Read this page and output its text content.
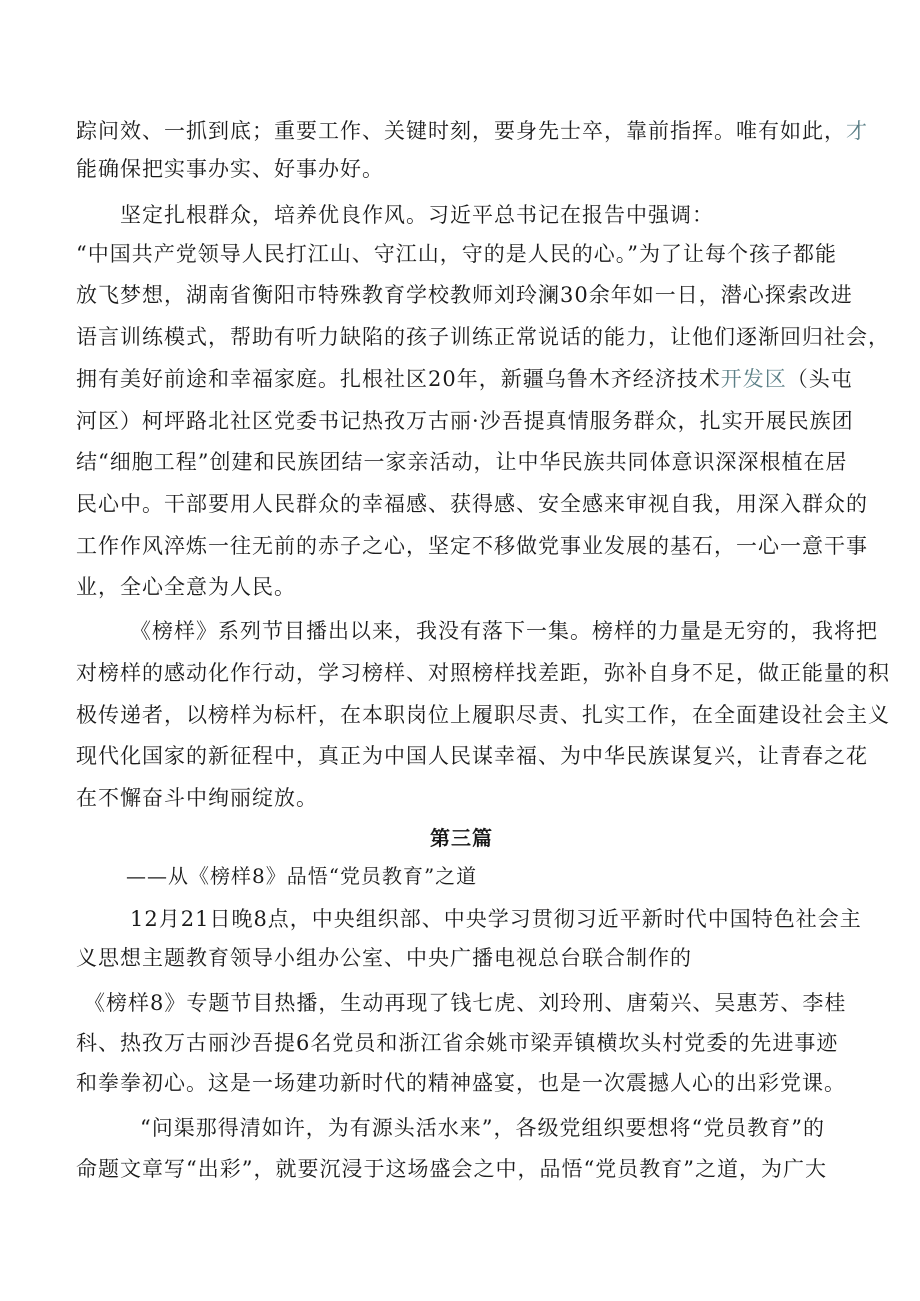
踪问效、一抓到底；重要工作、关键时刻，要身先士卒，靠前指挥。唯有如此，才
能确保把实事办实、好事办好。
坚定扎根群众，培养优良作风。习近平总书记在报告中强调：
“中国共产党领导人民打江山、守江山，守的是人民的心。”为了让每个孩子都能
放飞梦想，湖南省衡阳市特殊教育学校教师刘玲澜30余年如一日，潜心探索改进
语言训练模式，帮助有听力缺陷的孩子训练正常说话的能力，让他们逐渐回归社会，
拥有美好前途和幸福家庭。扎根社区20年，新疆乌鲁木齐经济技术开发区（头屯
河区）柯坪路北社区党委书记热孜万古丽·沙吾提真情服务群众，扎实开展民族团
结“细胞工程”创建和民族团结一家亲活动，让中华民族共同体意识深深根植在居
民心中。干部要用人民群众的幸福感、获得感、安全感来审视自我，用深入群众的
工作作风淬炼一往无前的赤子之心，坚定不移做党事业发展的基石，一心一意干事
业，全心全意为人民。
《榜样》系列节目播出以来，我没有落下一集。榜样的力量是无穷的，我将把
对榜样的感动化作行动，学习榜样、对照榜样找差距，弥补自身不足，做正能量的积
极传递者，以榜样为标杆，在本职岗位上履职尽责、扎实工作，在全面建设社会主义
现代化国家的新征程中，真正为中国人民谋幸福、为中华民族谋复兴，让青春之花
在不懈奋斗中绚丽绽放。
第三篇
——从《榜样8》品悟“党员教育”之道
12月21日晚8点，中央组织部、中央学习贯彻习近平新时代中国特色社会主
义思想主题教育领导小组办公室、中央广播电视总台联合制作的
《榜样8》专题节目热播，生动再现了钱七虎、刘玲刑、唐菊兴、吴惠芳、李桂
科、热孜万古丽沙吾提6名党员和浙江省余姚市梁弄镇横坎头村党委的先进事迹
和拳拳初心。这是一场建功新时代的精神盛宴，也是一次震撼人心的出彩党课。
“问渠那得清如许，为有源头活水来”，各级党组织要想将“党员教育”的
命题文章写“出彩”，就要沉浸于这场盛会之中，品悟“党员教育”之道，为广大
